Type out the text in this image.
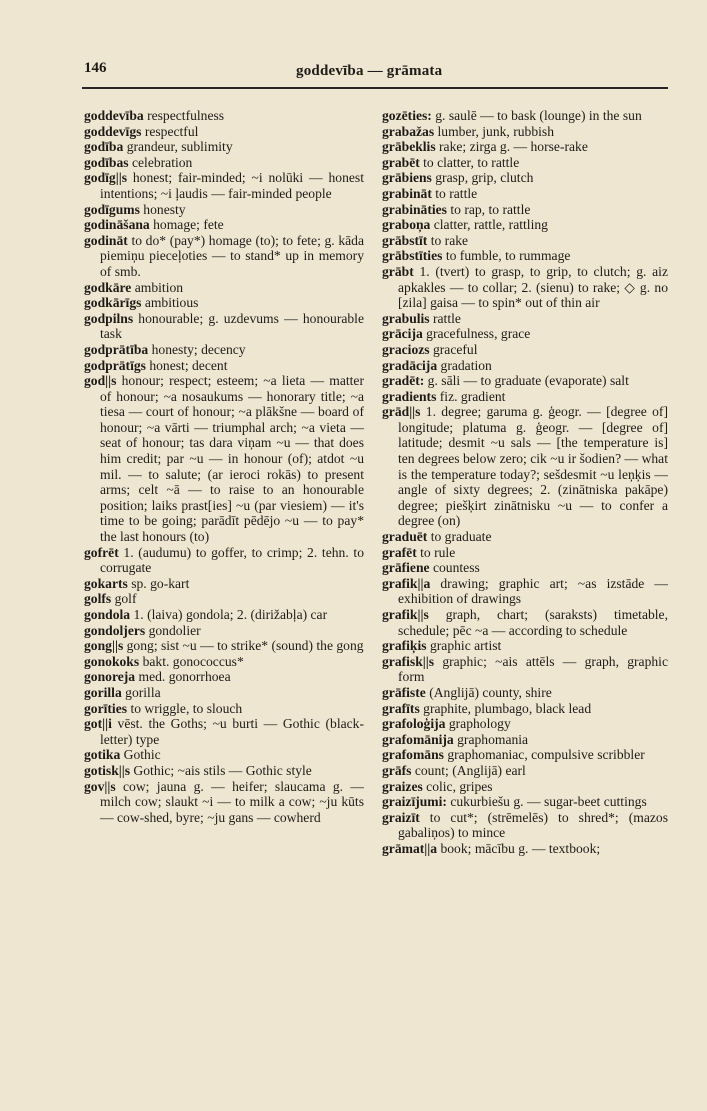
146	goddevība — grāmata

goddevība respectfulness

goddevīgs respectful

godība grandeur, sublimity

godības celebration

godīg||s honest; fair-minded; ~i nolūki — honest intentions; ~i ļaudis — fair-minded people

godīgums honesty

godināšana homage; fete

godināt to do* (pay*) homage (to); to fete; g. kāda piemiņu pieceļoties — to stand* up in memory of smb.

godkāre ambition

godkārīgs ambitious

godpilns honourable; g. uzdevums — honourable task

godprātība honesty; decency

godprātīgs honest; decent

god||s honour; respect; esteem; ~a lieta — matter of honour; ~a nosaukums — honorary title; ~a tiesa — court of honour; ~a plākšne — board of honour; ~a vārti — triumphal arch; ~a vieta — seat of honour; tas dara viņam ~u — that does him credit; par ~u — in honour (of); atdot ~u mil. — to salute; (ar ieroci rokās) to present arms; celt ~ā — to raise to an honourable position; laiks prast[ies] ~u (par viesiem) — it's time to be going; parādīt pēdējo ~u — to pay* the last honours (to)

gofrēt 1. (audumu) to goffer, to crimp; 2. tehn. to corrugate

gokarts sp. go-kart

golfs golf

gondola 1. (laiva) gondola; 2. (dirižabļa) car

gondoljers gondolier

gong||s gong; sist ~u — to strike* (sound) the gong

gonokoks bakt. gonococcus*

gonoreja med. gonorrhoea

gorilla gorilla

gorīties to wriggle, to slouch

got||i vēst. the Goths; ~u burti — Gothic (black-letter) type

gotika Gothic

gotisk||s Gothic; ~ais stils — Gothic style

gov||s cow; jauna g. — heifer; slaucama g. — milch cow; slaukt ~i — to milk a cow; ~ju kūts — cow-shed, byre; ~ju gans — cowherd

gozēties: g. saulē — to bask (lounge) in the sun

grabažas lumber, junk, rubbish

grābeklis rake; zirga g. — horse-rake

grabēt to clatter, to rattle

grābiens grasp, grip, clutch

grabināt to rattle

grabināties to rap, to rattle

graboņa clatter, rattle, rattling

grābstīt to rake

grābstīties to fumble, to rummage

grābt 1. (tvert) to grasp, to grip, to clutch; g. aiz apkakles — to collar; 2. (sienu) to rake; ◇ g. no [zila] gaisa — to spin* out of thin air

grabulis rattle

grācija gracefulness, grace

graciozs graceful

gradācija gradation

gradēt: g. sāli — to graduate (evaporate) salt

gradients fiz. gradient

grād||s 1. degree; garuma g. ģeogr. — [degree of] longitude; platuma g. ģeogr. — [degree of] latitude; desmit ~u sals — [the temperature is] ten degrees below zero; cik ~u ir šodien? — what is the temperature today?; sešdesmit ~u leņķis — angle of sixty degrees; 2. (zinātniska pakāpe) degree; piešķirt zinātnisku ~u — to confer a degree (on)

graduēt to graduate

grafēt to rule

grāfiene countess

grafik||a drawing; graphic art; ~as izstāde — exhibition of drawings

grafik||s graph, chart; (saraksts) timetable, schedule; pēc ~a — according to schedule

grafiķis graphic artist

grafisk||s graphic; ~ais attēls — graph, graphic form

grāfiste (Anglijā) county, shire

grafīts graphite, plumbago, black lead

grafoloģija graphology

grafomānija graphomania

grafomāns graphomaniac, compulsive scribbler

grāfs count; (Anglijā) earl

graizes colic, gripes

graizījumi: cukurbiešu g. — sugar-beet cuttings

graizīt to cut*; (strēmelēs) to shred*; (mazos gabaliņos) to mince

grāmat||a book; mācību g. — textbook;
